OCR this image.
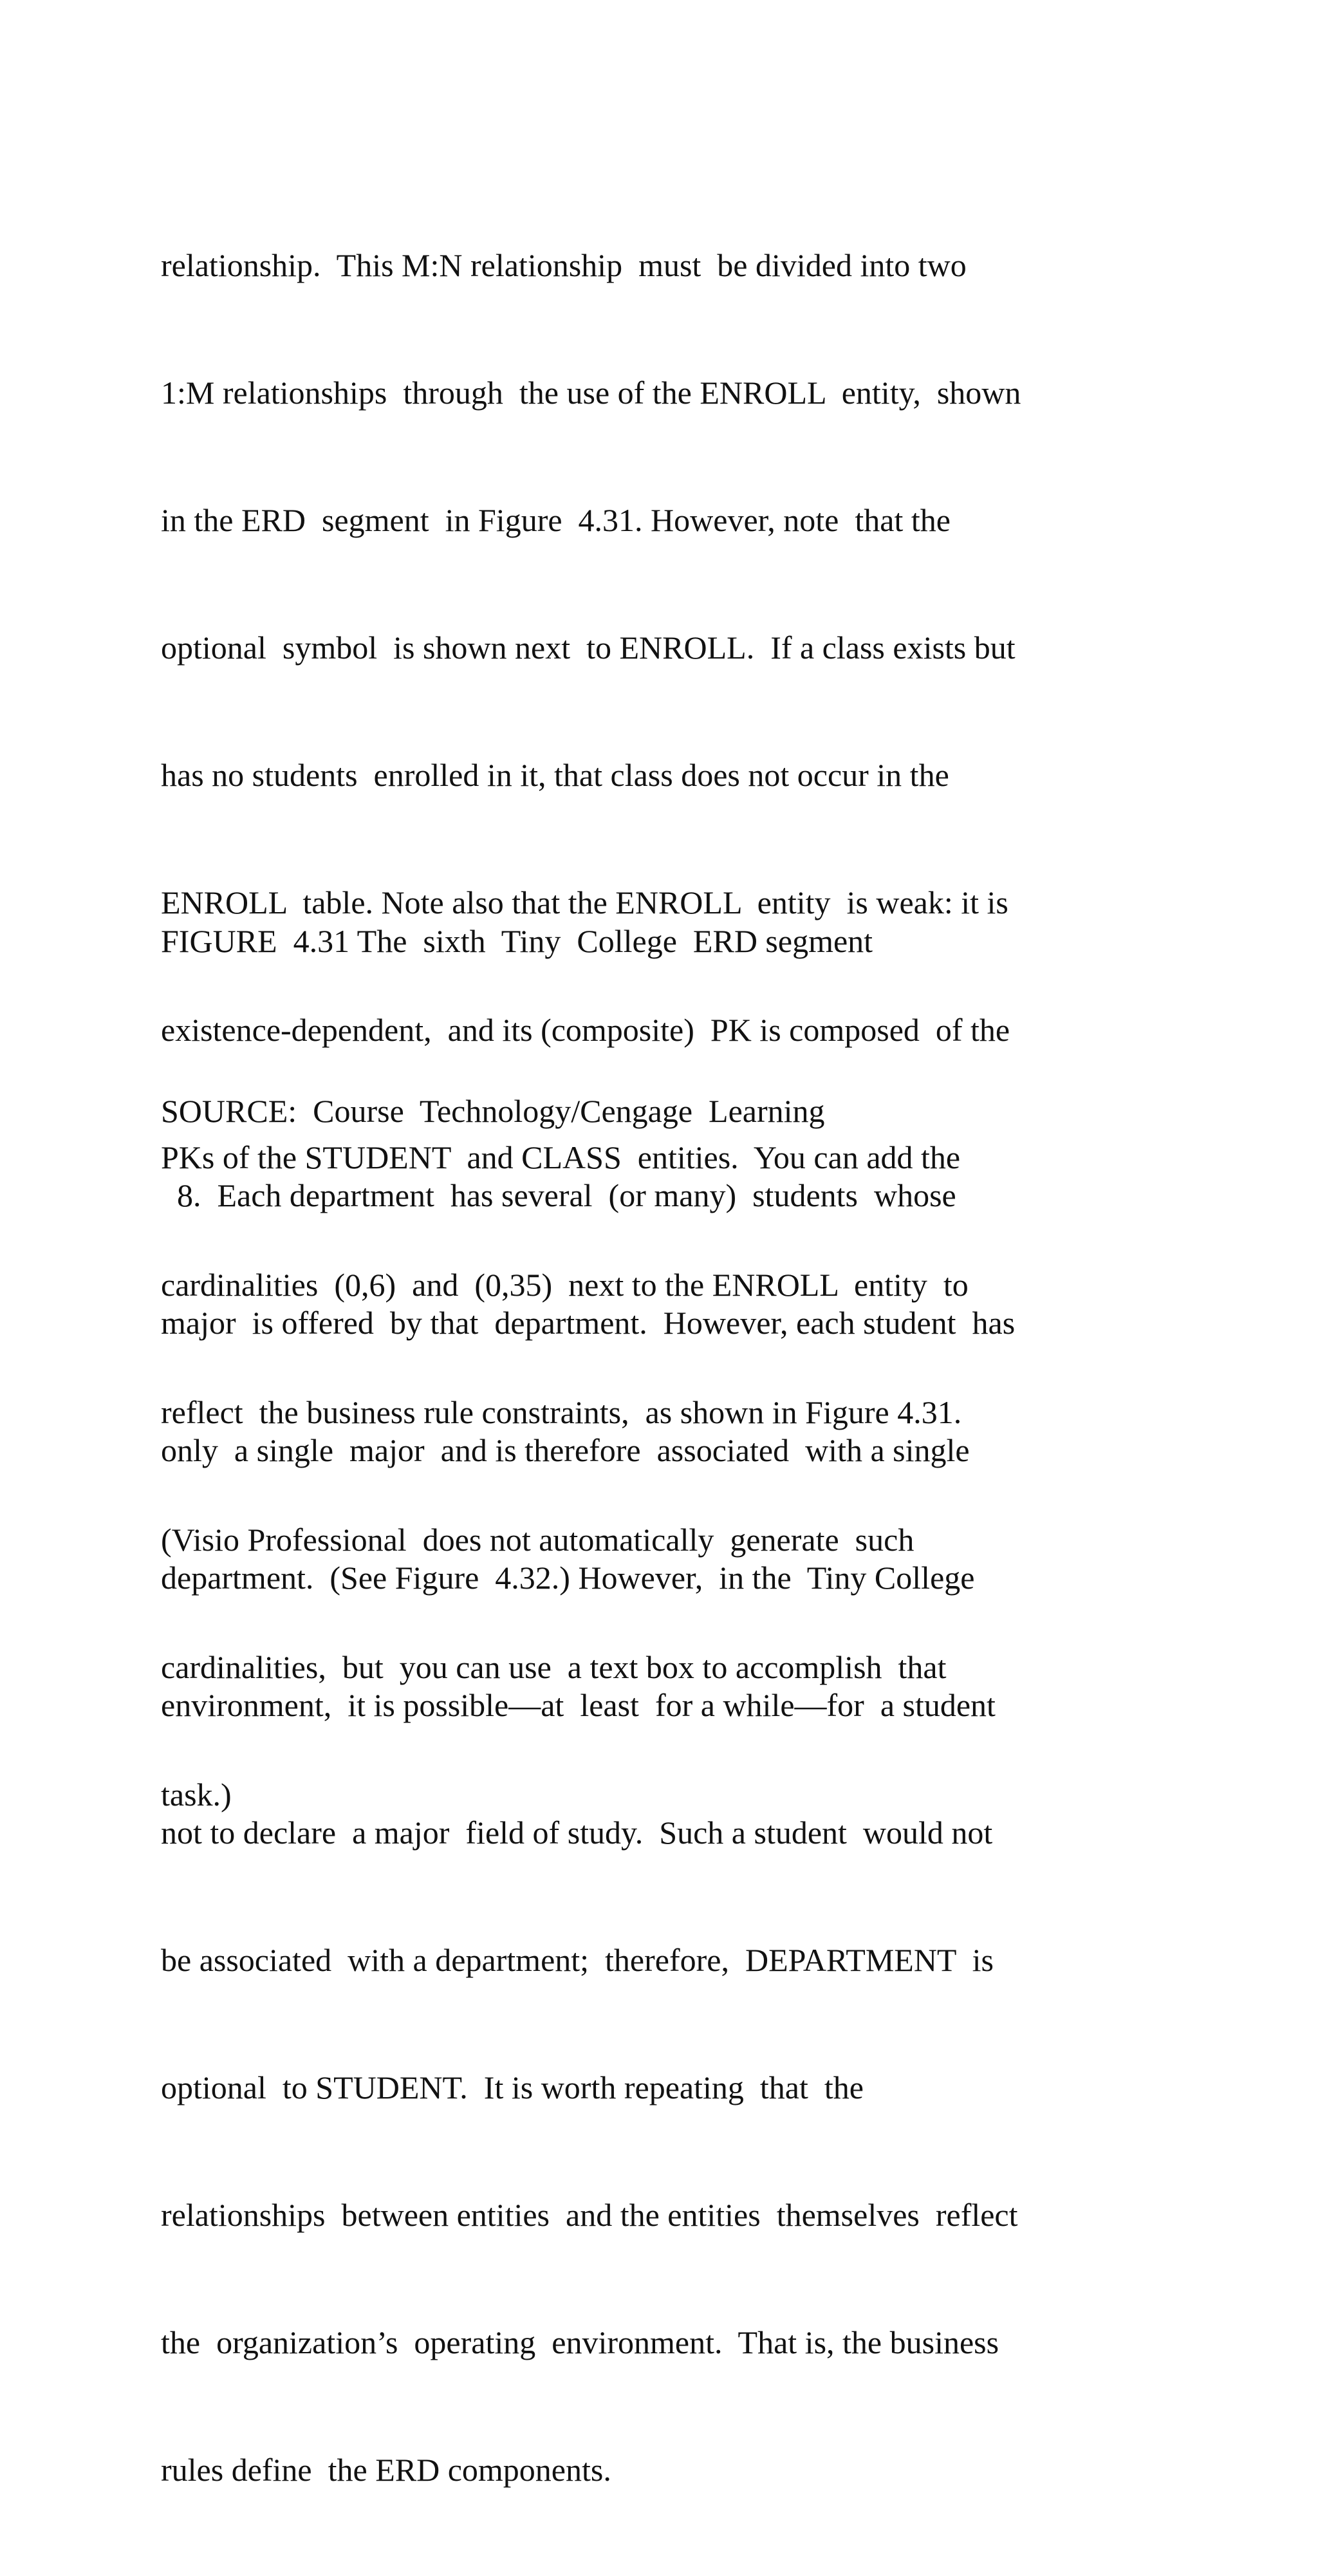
relationship.  This M:N relationship  must  be divided into two

1:M relationships  through  the use of the ENROLL  entity,  shown

in the ERD  segment  in Figure  4.31. However, note  that the

optional  symbol  is shown next  to ENROLL.  If a class exists but

has no students  enrolled in it, that class does not occur in the

ENROLL  table. Note also that the ENROLL  entity  is weak: it is

existence-dependent,  and its (composite)  PK is composed  of the

PKs of the STUDENT  and CLASS  entities.  You can add the

cardinalities  (0,6)  and  (0,35)  next to the ENROLL  entity  to

reflect  the business rule constraints,  as shown in Figure 4.31.

(Visio Professional  does not automatically  generate  such

cardinalities,  but  you can use  a text box to accomplish  that

task.)

FIGURE  4.31 The  sixth  Tiny  College  ERD segment

SOURCE:  Course  Technology/Cengage  Learning

8.  Each department  has several  (or many)  students  whose

major  is offered  by that  department.  However, each student  has

only  a single  major  and is therefore  associated  with a single

department.  (See Figure  4.32.) However,  in the  Tiny College

environment,  it is possible—at  least  for a while—for  a student

not to declare  a major  field of study.  Such a student  would not

be associated  with a department;  therefore,  DEPARTMENT  is

optional  to STUDENT.  It is worth repeating  that  the

relationships  between entities  and the entities  themselves  reflect

the  organization’s  operating  environment.  That is, the business

rules define  the ERD components.
